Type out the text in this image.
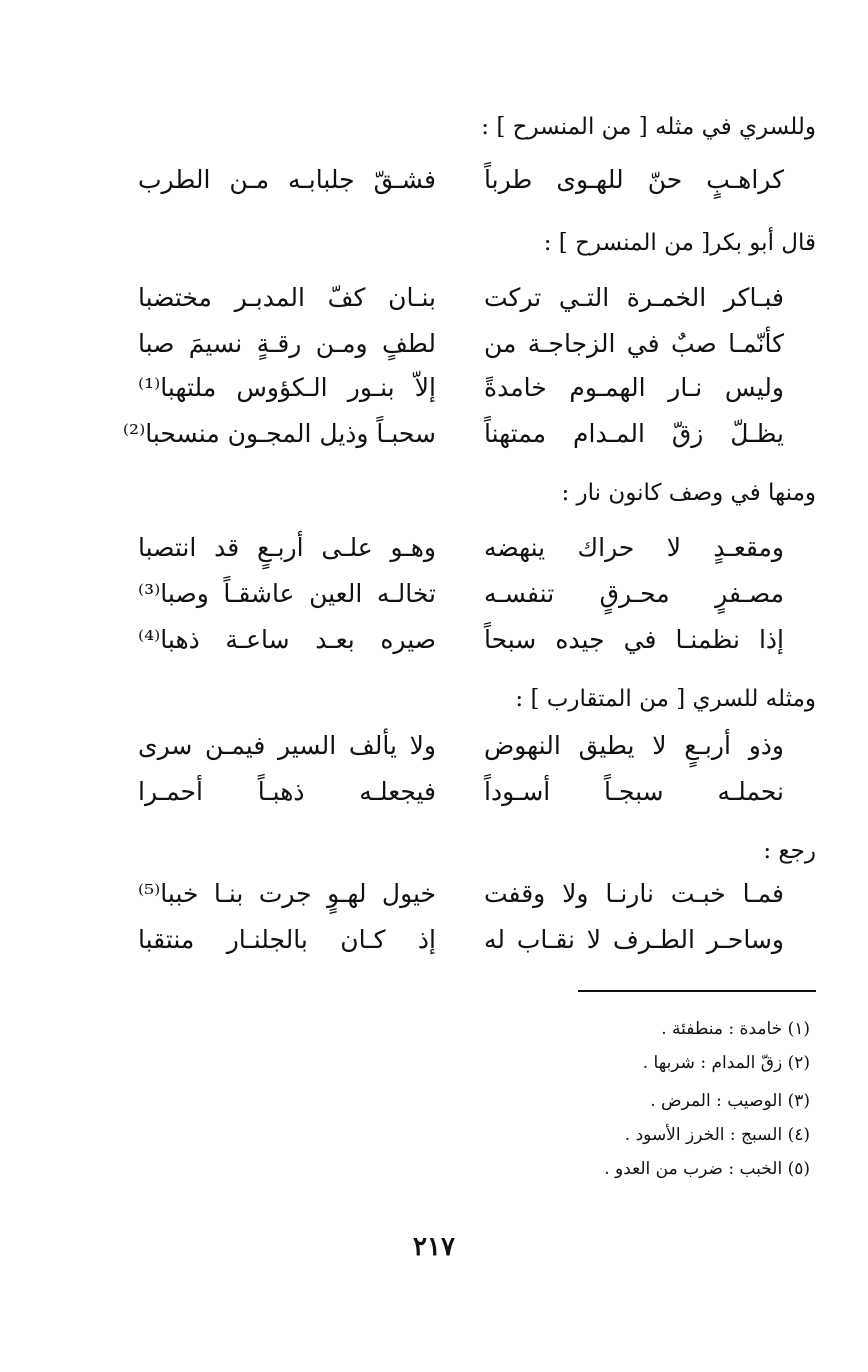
وللسري في مثله [ من المنسرح ] :
كراهـبٍ حنّ للهـوى طرباً
فشـقّ جلبابـه مـن الطرب
قال أبو بكر[ من المنسرح ] :
فبـاكر الخمـرة التـي تركت
بنـان كفّ المدبـر مختضبا
كأنّمـا صبٌ في الزجاجـة من
لطفٍ ومـن رقـةٍ نسيمَ صبا
وليس نـار الهمـوم خامدةً
إلاّ بنـور الـكؤوس ملتهبا⁽¹⁾
يظـلّ زقّ المـدام ممتهناً
سحبـاً وذيل المجـون منسحبا⁽²⁾
ومنها في وصف كانون نار :
ومقعـدٍ لا حراك ينهضه
وهـو علـى أربـعٍ قد انتصبا
مصـفرٍ محـرقٍ تنفسـه
تخالـه العين عاشقـاً وصبا⁽³⁾
إذا نظمنـا في جيده سبحاً
صيره بعـد ساعـة ذهبا⁽⁴⁾
ومثله للسري [ من المتقارب ] :
وذو أربـعٍ لا يطيق النهوض
ولا يألف السير فيمـن سرى
نحملـه سبجـاً أسـوداً
فيجعلـه ذهبـاً أحمـرا
رجع :
فمـا خبـت نارنـا ولا وقفت
خيول لهـوٍ جرت بنـا خببا⁽⁵⁾
وساحـر الطـرف لا نقـاب له
إذ كـان بالجلنـار منتقبا
(١) خامدة : منطفئة .
(٢) زقّ المدام : شربها .
(٣) الوصيب : المرض .
(٤) السبج : الخرز الأسود .
(٥) الخبب : ضرب من العدو .
٢١٧
